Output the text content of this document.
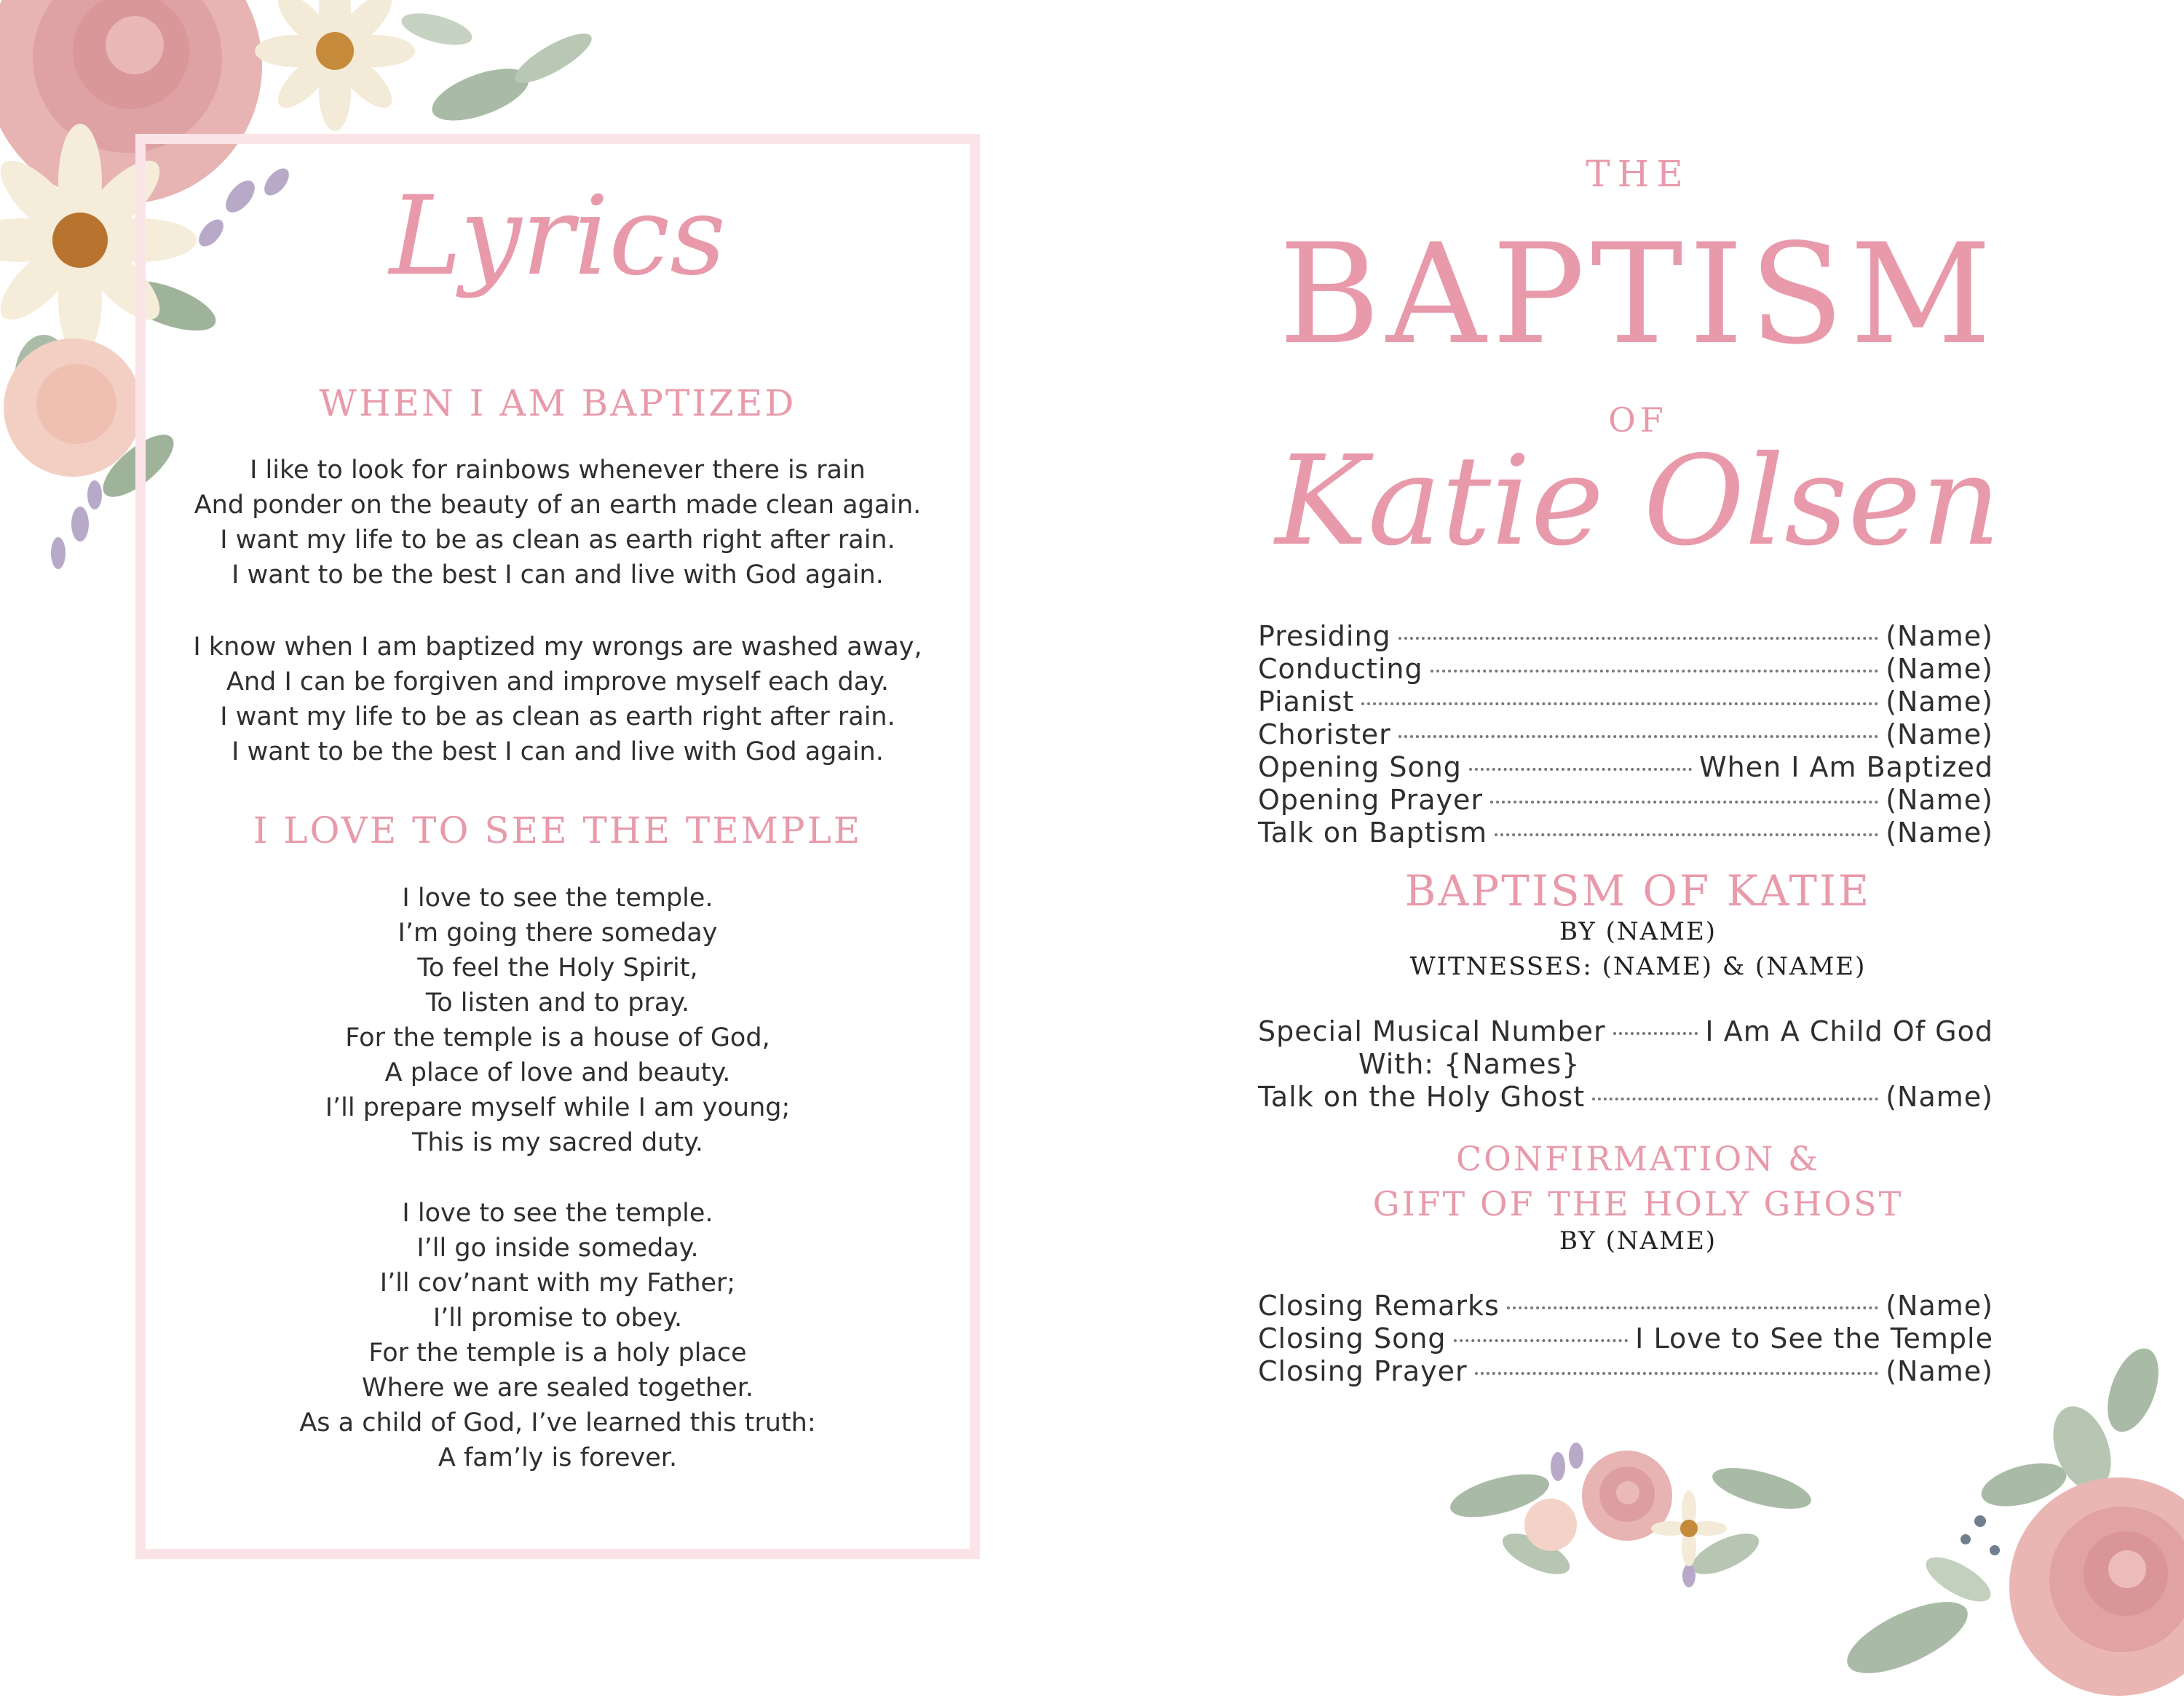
Lyrics
WHEN I AM BAPTIZED
I like to look for rainbows whenever there is rain
And ponder on the beauty of an earth made clean again.
I want my life to be as clean as earth right after rain.
I want to be the best I can and live with God again.
I know when I am baptized my wrongs are washed away,
And I can be forgiven and improve myself each day.
I want my life to be as clean as earth right after rain.
I want to be the best I can and live with God again.
I LOVE TO SEE THE TEMPLE
I love to see the temple.
I’m going there someday
To feel the Holy Spirit,
To listen and to pray.
For the temple is a house of God,
A place of love and beauty.
I’ll prepare myself while I am young;
This is my sacred duty.
I love to see the temple.
I’ll go inside someday.
I’ll cov’nant with my Father;
I’ll promise to obey.
For the temple is a holy place
Where we are sealed together.
As a child of God, I’ve learned this truth:
A fam’ly is forever.
THE
BAPTISM
OF
Katie Olsen
Presiding	(Name)
Conducting	(Name)
Pianist	(Name)
Chorister	(Name)
Opening Song	When I Am Baptized
Opening Prayer	(Name)
Talk on Baptism	(Name)
BAPTISM OF KATIE
BY (NAME)
WITNESSES: (NAME) & (NAME)
Special Musical Number	I Am A Child Of God
With: {Names}
Talk on the Holy Ghost	(Name)
CONFIRMATION &
GIFT OF THE HOLY GHOST
BY (NAME)
Closing Remarks	(Name)
Closing Song	I Love to See the Temple
Closing Prayer	(Name)
